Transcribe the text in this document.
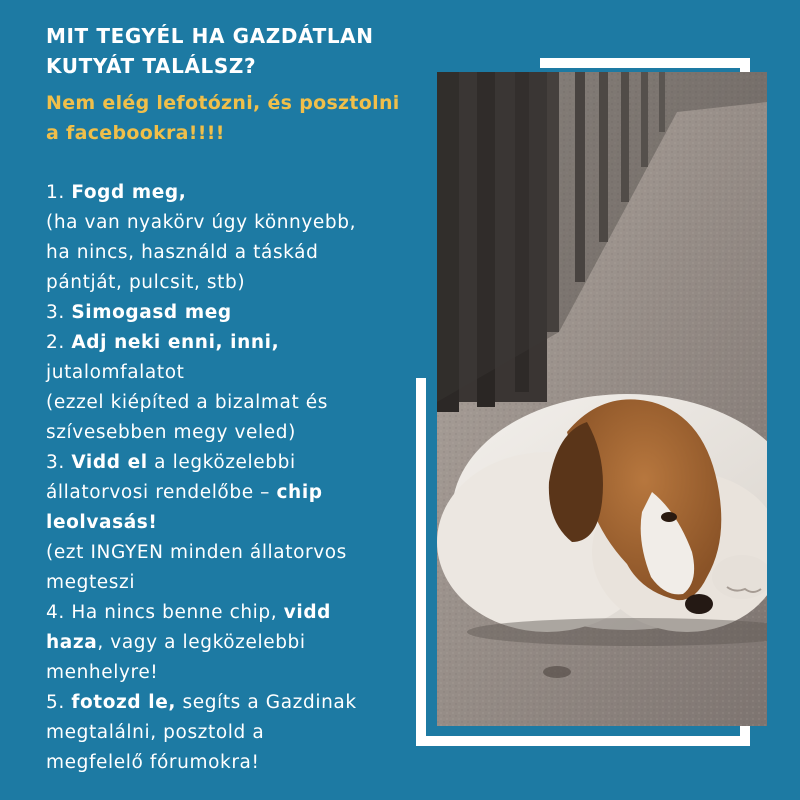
MIT TEGYÉL HA GAZDÁTLAN KUTYÁT TALÁLSZ?

Nem elég lefotózni, és posztolni a facebookra!!!!

1. Fogd meg,
(ha van nyakörv úgy könnyebb,
ha nincs, használd a táskád
pántját, pulcsit, stb)
3. Simogasd meg
2. Adj neki enni, inni,
jutalomfalatot
(ezzel kiépíted a bizalmat és
szívesebben megy veled)
3. Vidd el a legközelebbi
állatorvosi rendelőbe – chip
leolvasás!
(ezt INGYEN minden állatorvos
megteszi
4. Ha nincs benne chip, vidd
haza, vagy a legközelebbi
menhelyre!
5. fotozd le, segíts a Gazdinak
megtalálni, posztold a
megfelelő fórumokra!
